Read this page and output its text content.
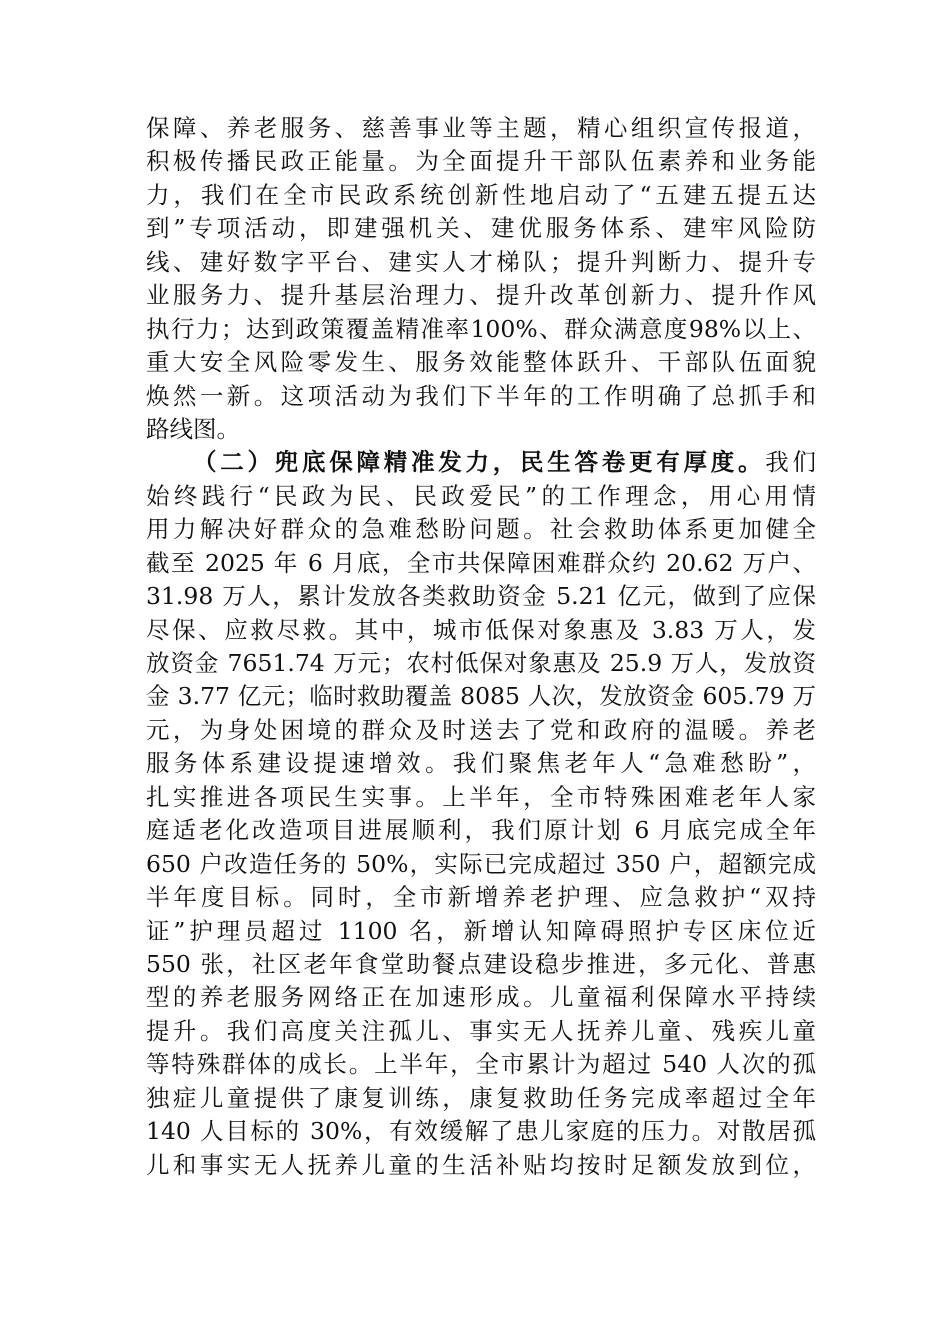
保障、养老服务、慈善事业等主题，精心组织宣传报道，
积极传播民政正能量。为全面提升干部队伍素养和业务能
力，我们在全市民政系统创新性地启动了“五建五提五达
到”专项活动，即建强机关、建优服务体系、建牢风险防
线、建好数字平台、建实人才梯队；提升判断力、提升专
业服务力、提升基层治理力、提升改革创新力、提升作风
执行力；达到政策覆盖精准率100%、群众满意度98%以上、
重大安全风险零发生、服务效能整体跃升、干部队伍面貌
焕然一新。这项活动为我们下半年的工作明确了总抓手和
路线图。
（二）兜底保障精准发力，民生答卷更有厚度。我们
始终践行“民政为民、民政爱民”的工作理念，用心用情
用力解决好群众的急难愁盼问题。社会救助体系更加健全
截至 2025 年 6 月底，全市共保障困难群众约 20.62 万户、
31.98 万人，累计发放各类救助资金 5.21 亿元，做到了应保
尽保、应救尽救。其中，城市低保对象惠及 3.83 万人，发
放资金 7651.74 万元；农村低保对象惠及 25.9 万人，发放资
金 3.77 亿元；临时救助覆盖 8085 人次，发放资金 605.79 万
元，为身处困境的群众及时送去了党和政府的温暖。养老
服务体系建设提速增效。我们聚焦老年人“急难愁盼”，
扎实推进各项民生实事。上半年，全市特殊困难老年人家
庭适老化改造项目进展顺利，我们原计划 6 月底完成全年
650 户改造任务的 50%，实际已完成超过 350 户，超额完成
半年度目标。同时，全市新增养老护理、应急救护“双持
证”护理员超过 1100 名，新增认知障碍照护专区床位近
550 张，社区老年食堂助餐点建设稳步推进，多元化、普惠
型的养老服务网络正在加速形成。儿童福利保障水平持续
提升。我们高度关注孤儿、事实无人抚养儿童、残疾儿童
等特殊群体的成长。上半年，全市累计为超过 540 人次的孤
独症儿童提供了康复训练，康复救助任务完成率超过全年
140 人目标的 30%，有效缓解了患儿家庭的压力。对散居孤
儿和事实无人抚养儿童的生活补贴均按时足额发放到位，
